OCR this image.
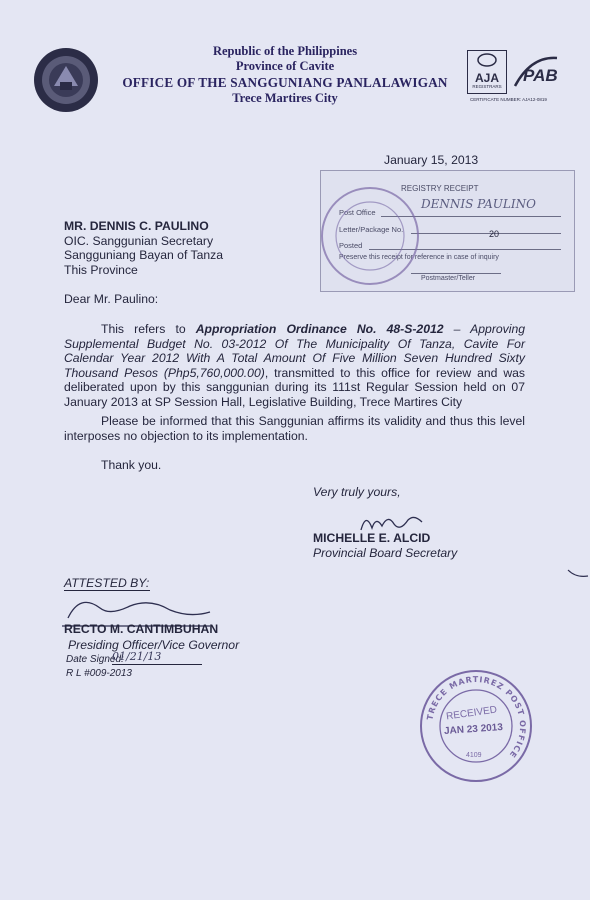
Republic of the Philippines
Province of Cavite
OFFICE OF THE SANGGUNIANG PANLALAWIGAN
Trece Martires City
AJA
REGISTRARS
PAB
CERTIFICATE NUMBER: AJA12-0819
January 15, 2013
REGISTRY RECEIPT
Post Office
DENNIS PAULINO
Letter/Package No.	20
Posted
Preserve this receipt for reference in case of inquiry
Postmaster/Teller
MR. DENNIS C. PAULINO
OIC. Sanggunian Secretary
Sangguniang Bayan of Tanza
This Province
Dear Mr. Paulino:
This refers to Appropriation Ordinance No. 48-S-2012 – Approving Supplemental Budget No. 03-2012 Of The Municipality Of Tanza, Cavite For Calendar Year 2012 With A Total Amount Of Five Million Seven Hundred Sixty Thousand Pesos (Php5,760,000.00), transmitted to this office for review and was deliberated upon by this sanggunian during its 111st Regular Session held on 07 January 2013 at SP Session Hall, Legislative Building, Trece Martires City
Please be informed that this Sanggunian affirms its validity and thus this level interposes no objection to its implementation.
Thank you.
Very truly yours,
MICHELLE E. ALCID
Provincial Board Secretary
ATTESTED BY:
RECTO M. CANTIMBUHAN
Presiding Officer/Vice Governor
Date Signed:
01/21/13
R L #009-2013
TRECE MARTIREZ POST OFFICE
RECEIVED
JAN 23 2013
4109
